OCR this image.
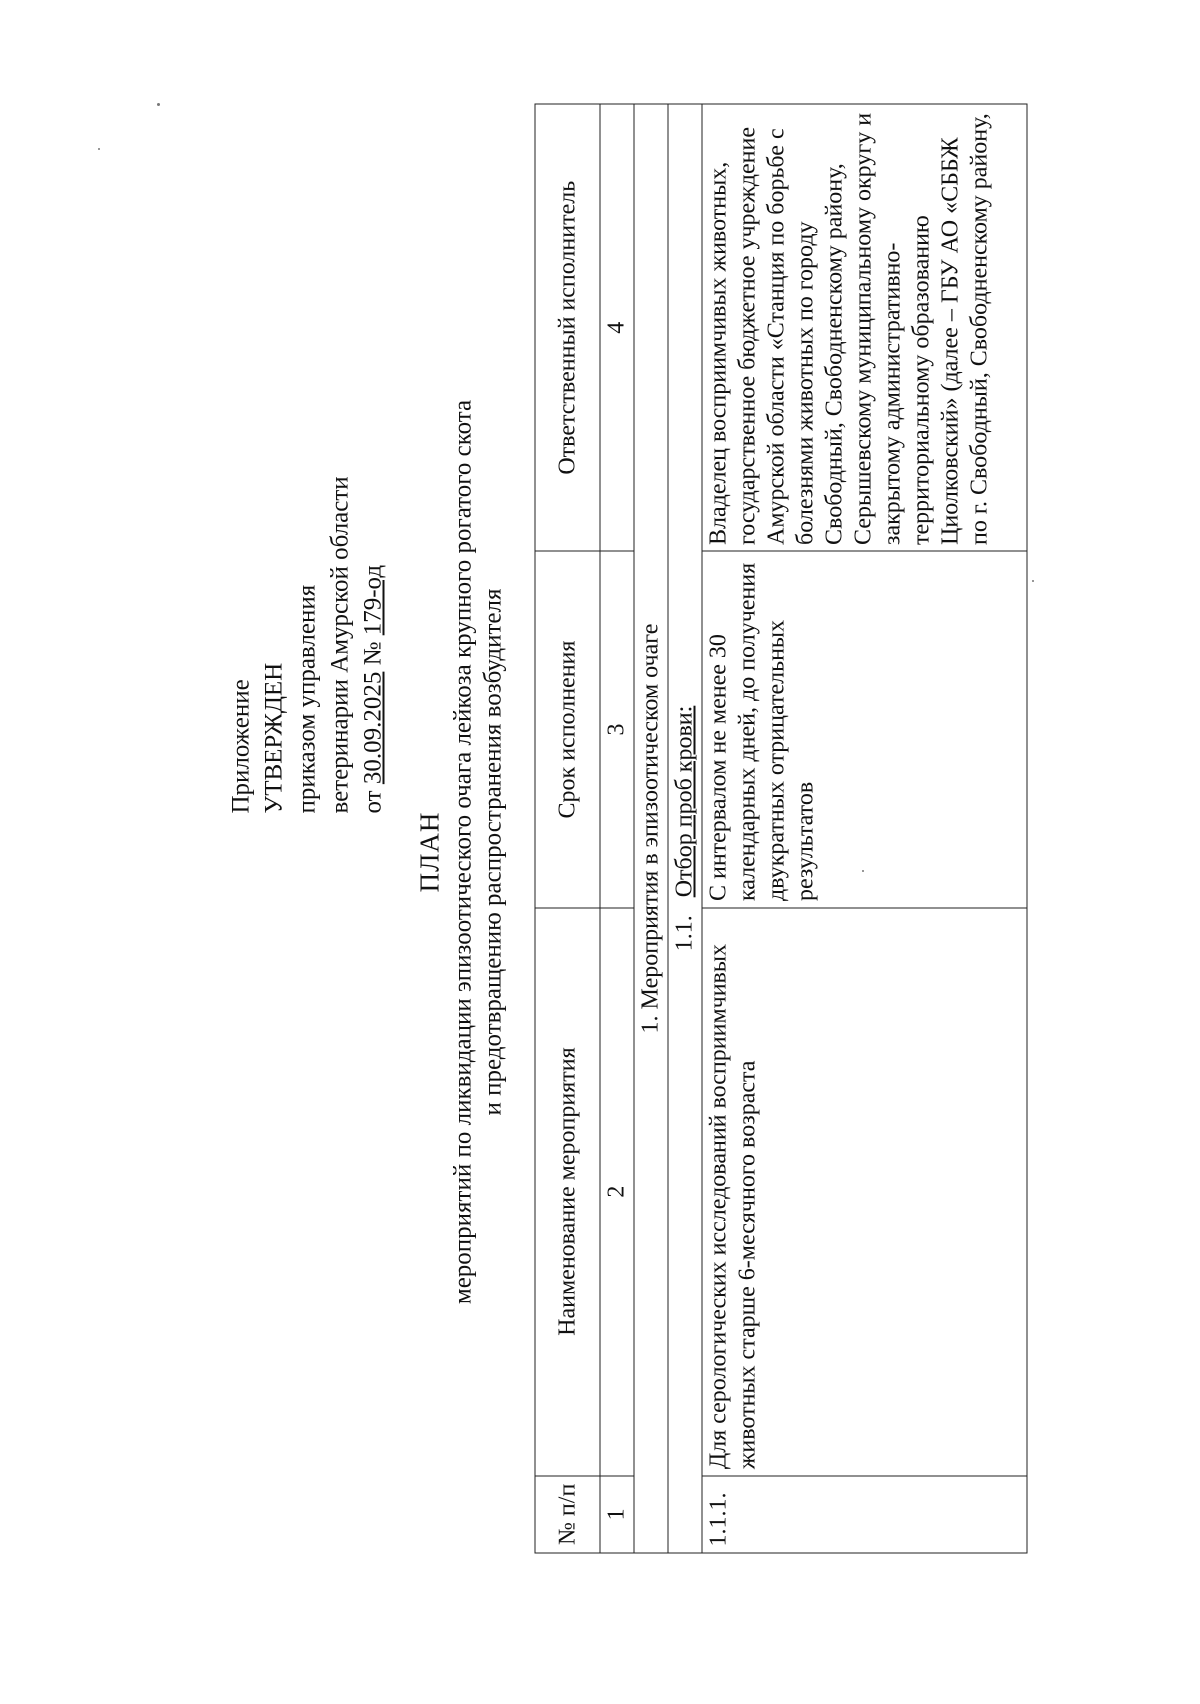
Приложение УТВЕРЖДЕН приказом управления ветеринарии Амурской области от 30.09.2025 № 179-од
ПЛАН мероприятий по ликвидации эпизоотического очага лейкоза крупного рогатого скота и предотвращению распространения возбудителя
№ п/п	Наименование мероприятия	Срок исполнения	Ответственный исполнитель
1	2	3	4
1. Мероприятия в эпизоотическом очаге			
1.1.   Отбор проб крови:			
1.1.1.	Для серологических исследований восприимчивых животных старше 6-месячного возраста	С интервалом не менее 30 календарных дней, до получения двукратных отрицательных результатов	Владелец восприимчивых животных, государственное бюджетное учреждение Амурской области «Станция по борьбе с болезнями животных по городу Свободный, Свободненскому району, Серышевскому муниципальному округу и закрытому административно-территориальному образованию Циолковский» (далее – ГБУ АО «СББЖ по г. Свободный, Свободненскому району,
